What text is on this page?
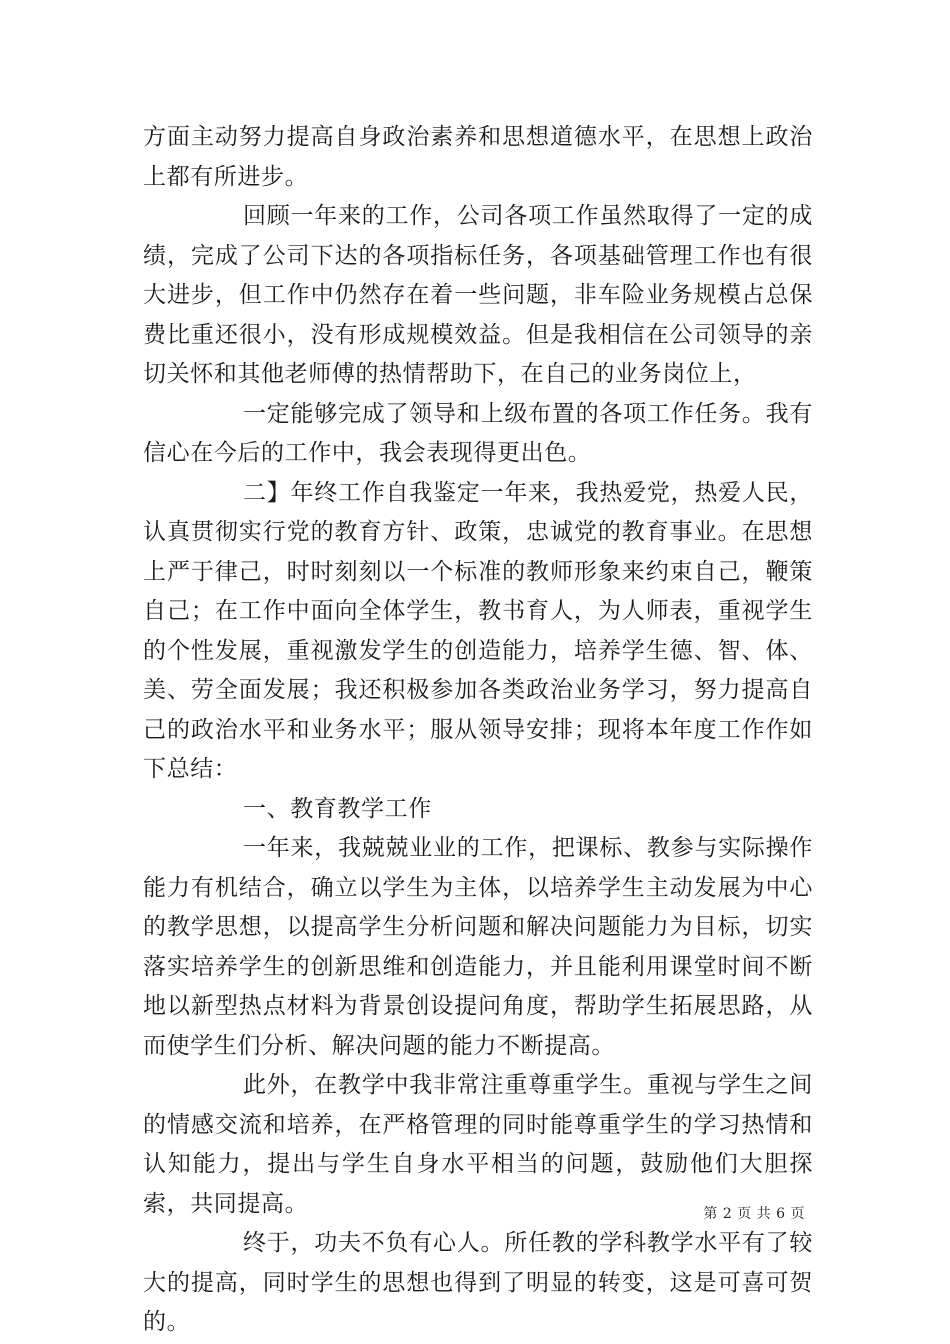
方面主动努力提高自身政治素养和思想道德水平，在思想上政治上都有所进步。

回顾一年来的工作，公司各项工作虽然取得了一定的成绩，完成了公司下达的各项指标任务，各项基础管理工作也有很大进步，但工作中仍然存在着一些问题，非车险业务规模占总保费比重还很小，没有形成规模效益。但是我相信在公司领导的亲切关怀和其他老师傅的热情帮助下，在自己的业务岗位上，

一定能够完成了领导和上级布置的各项工作任务。我有信心在今后的工作中，我会表现得更出色。

二】年终工作自我鉴定一年来，我热爱党，热爱人民，认真贯彻实行党的教育方针、政策，忠诚党的教育事业。在思想上严于律己，时时刻刻以一个标准的教师形象来约束自己，鞭策自己；在工作中面向全体学生，教书育人，为人师表，重视学生的个性发展，重视激发学生的创造能力，培养学生德、智、体、美、劳全面发展；我还积极参加各类政治业务学习，努力提高自己的政治水平和业务水平；服从领导安排；现将本年度工作作如下总结：

一、教育教学工作

一年来，我兢兢业业的工作，把课标、教参与实际操作能力有机结合，确立以学生为主体，以培养学生主动发展为中心的教学思想，以提高学生分析问题和解决问题能力为目标，切实落实培养学生的创新思维和创造能力，并且能利用课堂时间不断地以新型热点材料为背景创设提问角度，帮助学生拓展思路，从而使学生们分析、解决问题的能力不断提高。

此外，在教学中我非常注重尊重学生。重视与学生之间的情感交流和培养，在严格管理的同时能尊重学生的学习热情和认知能力，提出与学生自身水平相当的问题，鼓励他们大胆探索，共同提高。

终于，功夫不负有心人。所任教的学科教学水平有了较大的提高，同时学生的思想也得到了明显的转变，这是可喜可贺的。

第 2 页 共 6 页
